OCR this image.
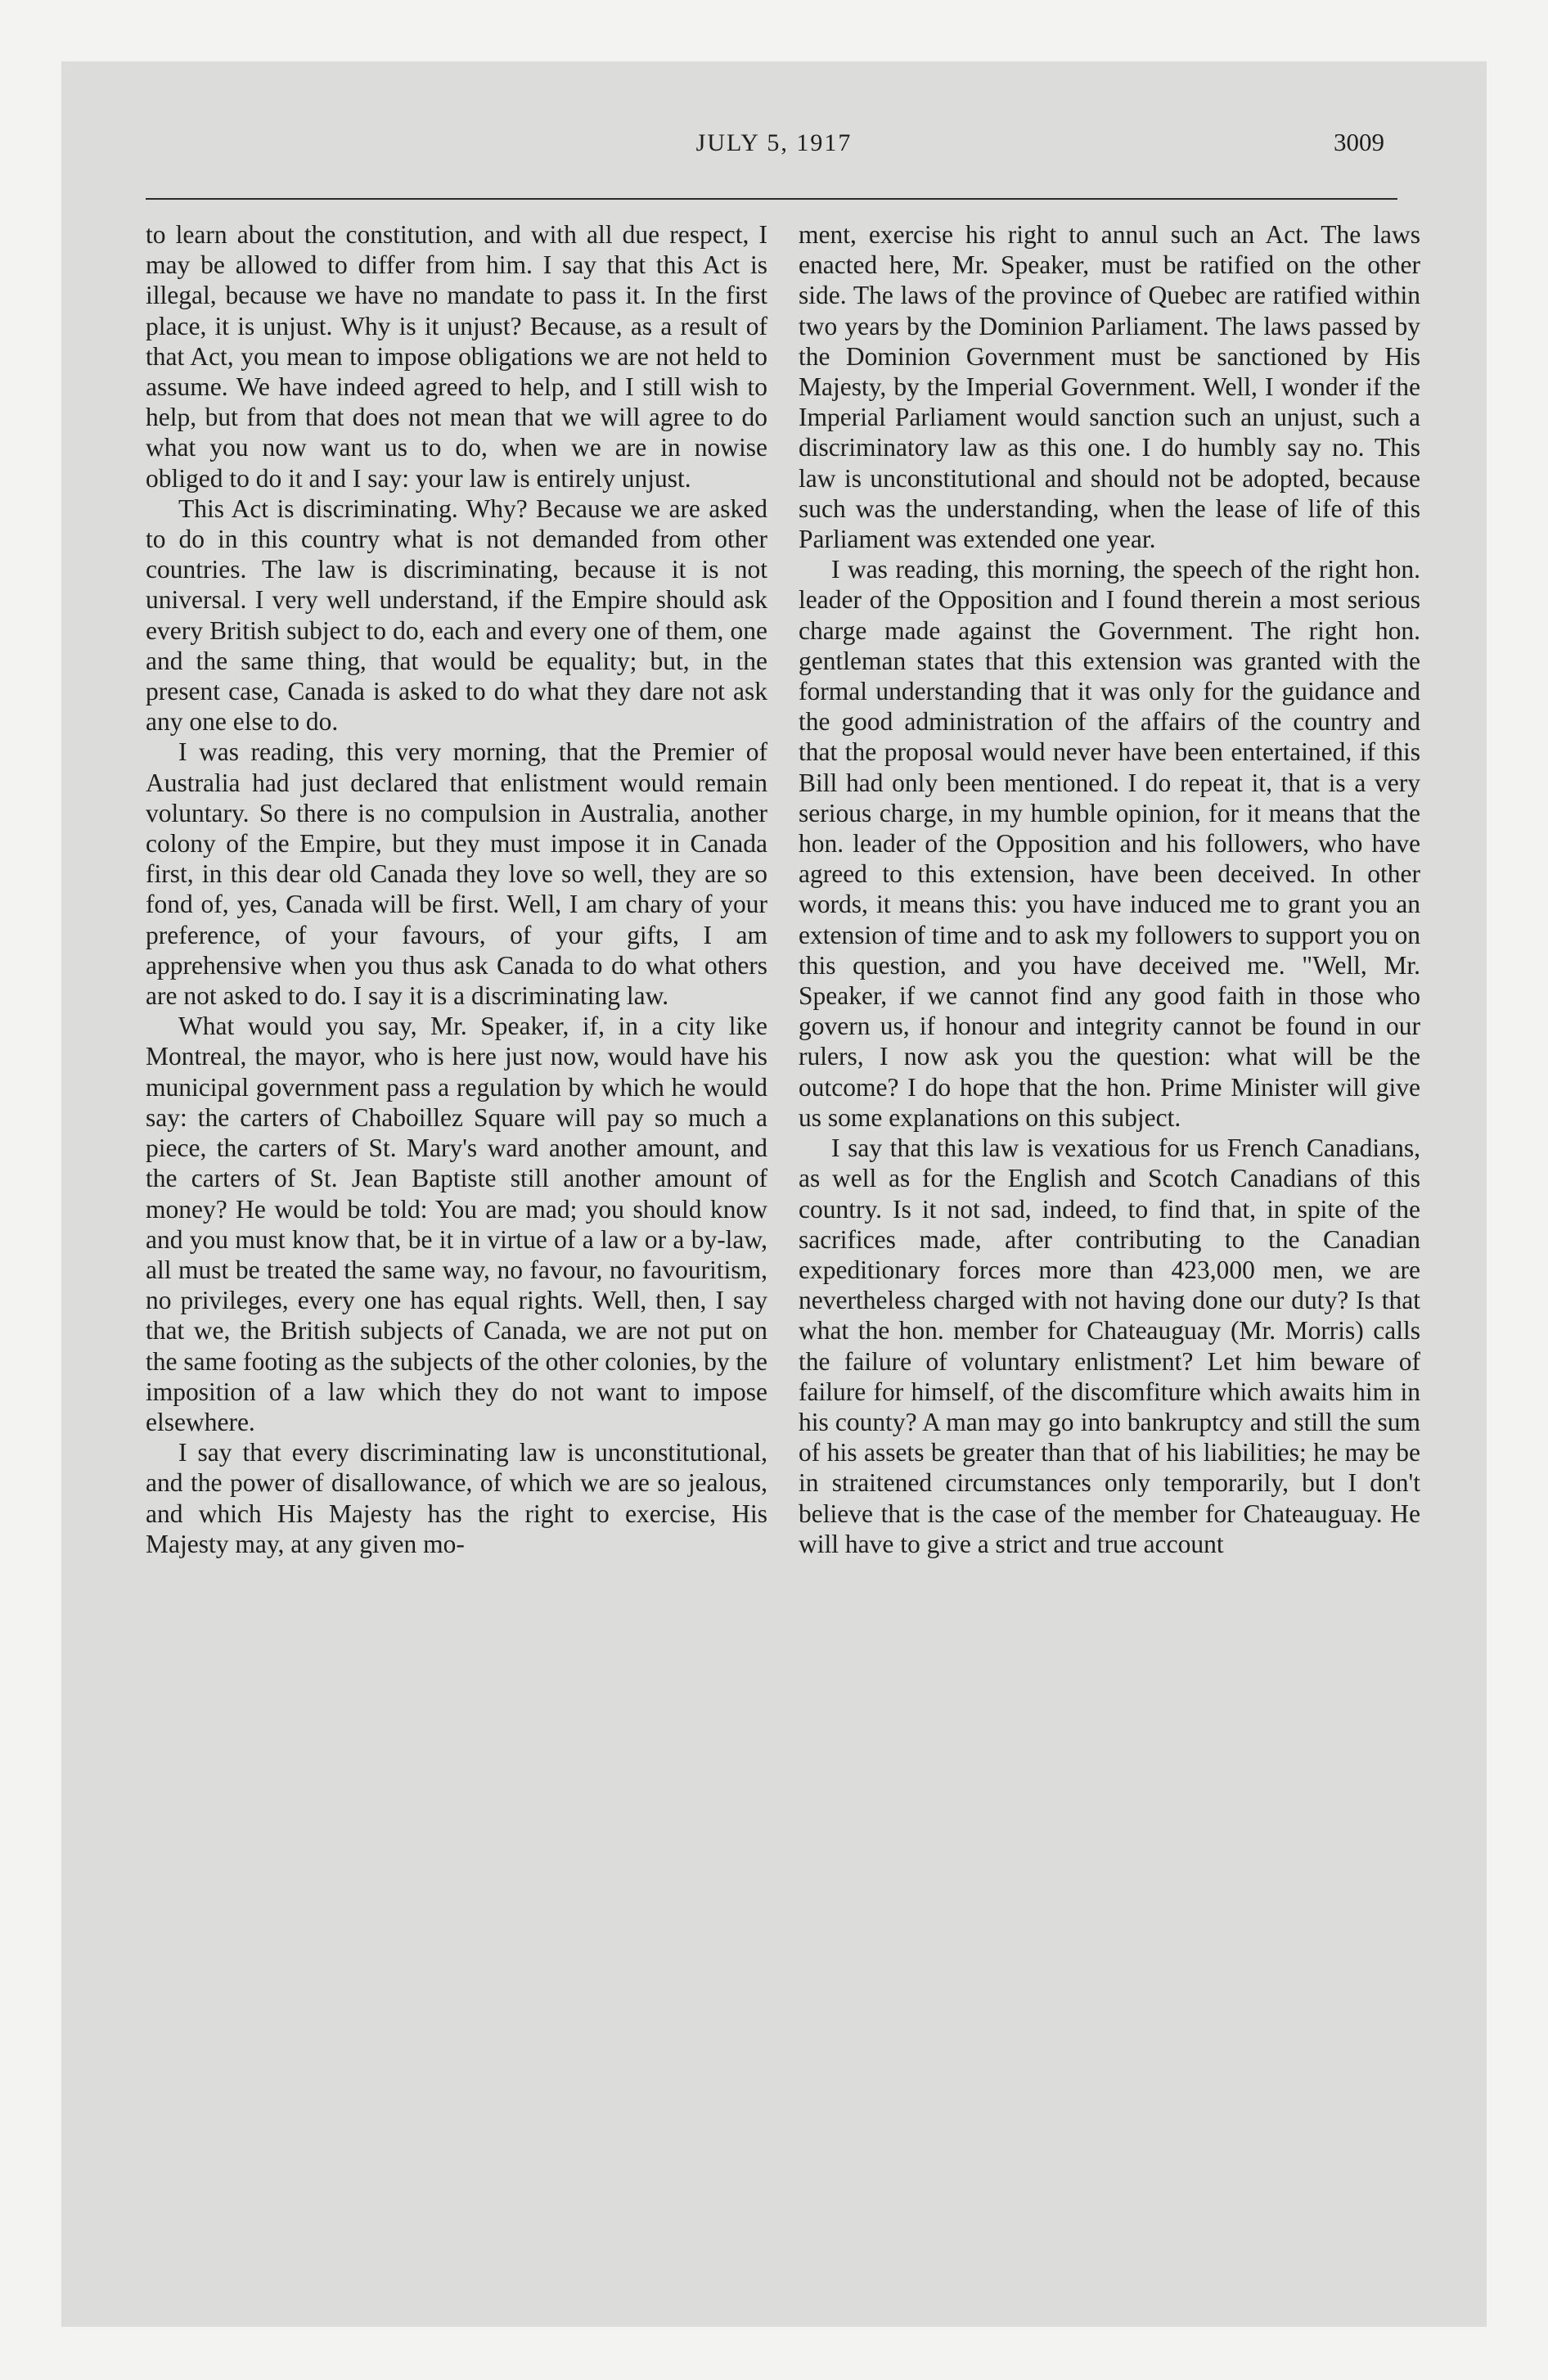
JULY 5, 1917	3009

to learn about the constitution, and with all due respect, I may be allowed to differ from him. I say that this Act is illegal, because we have no mandate to pass it. In the first place, it is unjust. Why is it unjust? Because, as a result of that Act, you mean to impose obligations we are not held to assume. We have indeed agreed to help, and I still wish to help, but from that does not mean that we will agree to do what you now want us to do, when we are in nowise obliged to do it and I say: your law is entirely unjust.

This Act is discriminating. Why? Because we are asked to do in this country what is not demanded from other countries. The law is discriminating, because it is not universal. I very well understand, if the Empire should ask every British subject to do, each and every one of them, one and the same thing, that would be equality; but, in the present case, Canada is asked to do what they dare not ask any one else to do.

I was reading, this very morning, that the Premier of Australia had just declared that enlistment would remain voluntary. So there is no compulsion in Australia, another colony of the Empire, but they must impose it in Canada first, in this dear old Canada they love so well, they are so fond of, yes, Canada will be first. Well, I am chary of your preference, of your favours, of your gifts, I am apprehensive when you thus ask Canada to do what others are not asked to do. I say it is a discriminating law.

What would you say, Mr. Speaker, if, in a city like Montreal, the mayor, who is here just now, would have his municipal government pass a regulation by which he would say: the carters of Chaboillez Square will pay so much a piece, the carters of St. Mary's ward another amount, and the carters of St. Jean Baptiste still another amount of money? He would be told: You are mad; you should know and you must know that, be it in virtue of a law or a by-law, all must be treated the same way, no favour, no favouritism, no privileges, every one has equal rights. Well, then, I say that we, the British subjects of Canada, we are not put on the same footing as the subjects of the other colonies, by the imposition of a law which they do not want to impose elsewhere.

I say that every discriminating law is unconstitutional, and the power of disallowance, of which we are so jealous, and which His Majesty has the right to exercise, His Majesty may, at any given mo-

ment, exercise his right to annul such an Act. The laws enacted here, Mr. Speaker, must be ratified on the other side. The laws of the province of Quebec are ratified within two years by the Dominion Parliament. The laws passed by the Dominion Government must be sanctioned by His Majesty, by the Imperial Government. Well, I wonder if the Imperial Parliament would sanction such an unjust, such a discriminatory law as this one. I do humbly say no. This law is unconstitutional and should not be adopted, because such was the understanding, when the lease of life of this Parliament was extended one year.

I was reading, this morning, the speech of the right hon. leader of the Opposition and I found therein a most serious charge made against the Government. The right hon. gentleman states that this extension was granted with the formal understanding that it was only for the guidance and the good administration of the affairs of the country and that the proposal would never have been entertained, if this Bill had only been mentioned. I do repeat it, that is a very serious charge, in my humble opinion, for it means that the hon. leader of the Opposition and his followers, who have agreed to this extension, have been deceived. In other words, it means this: you have induced me to grant you an extension of time and to ask my followers to support you on this question, and you have deceived me. "Well, Mr. Speaker, if we cannot find any good faith in those who govern us, if honour and integrity cannot be found in our rulers, I now ask you the question: what will be the outcome? I do hope that the hon. Prime Minister will give us some explanations on this subject.

I say that this law is vexatious for us French Canadians, as well as for the English and Scotch Canadians of this country. Is it not sad, indeed, to find that, in spite of the sacrifices made, after contributing to the Canadian expeditionary forces more than 423,000 men, we are nevertheless charged with not having done our duty? Is that what the hon. member for Chateauguay (Mr. Morris) calls the failure of voluntary enlistment? Let him beware of failure for himself, of the discomfiture which awaits him in his county? A man may go into bankruptcy and still the sum of his assets be greater than that of his liabilities; he may be in straitened circumstances only temporarily, but I don't believe that is the case of the member for Chateauguay. He will have to give a strict and true account
